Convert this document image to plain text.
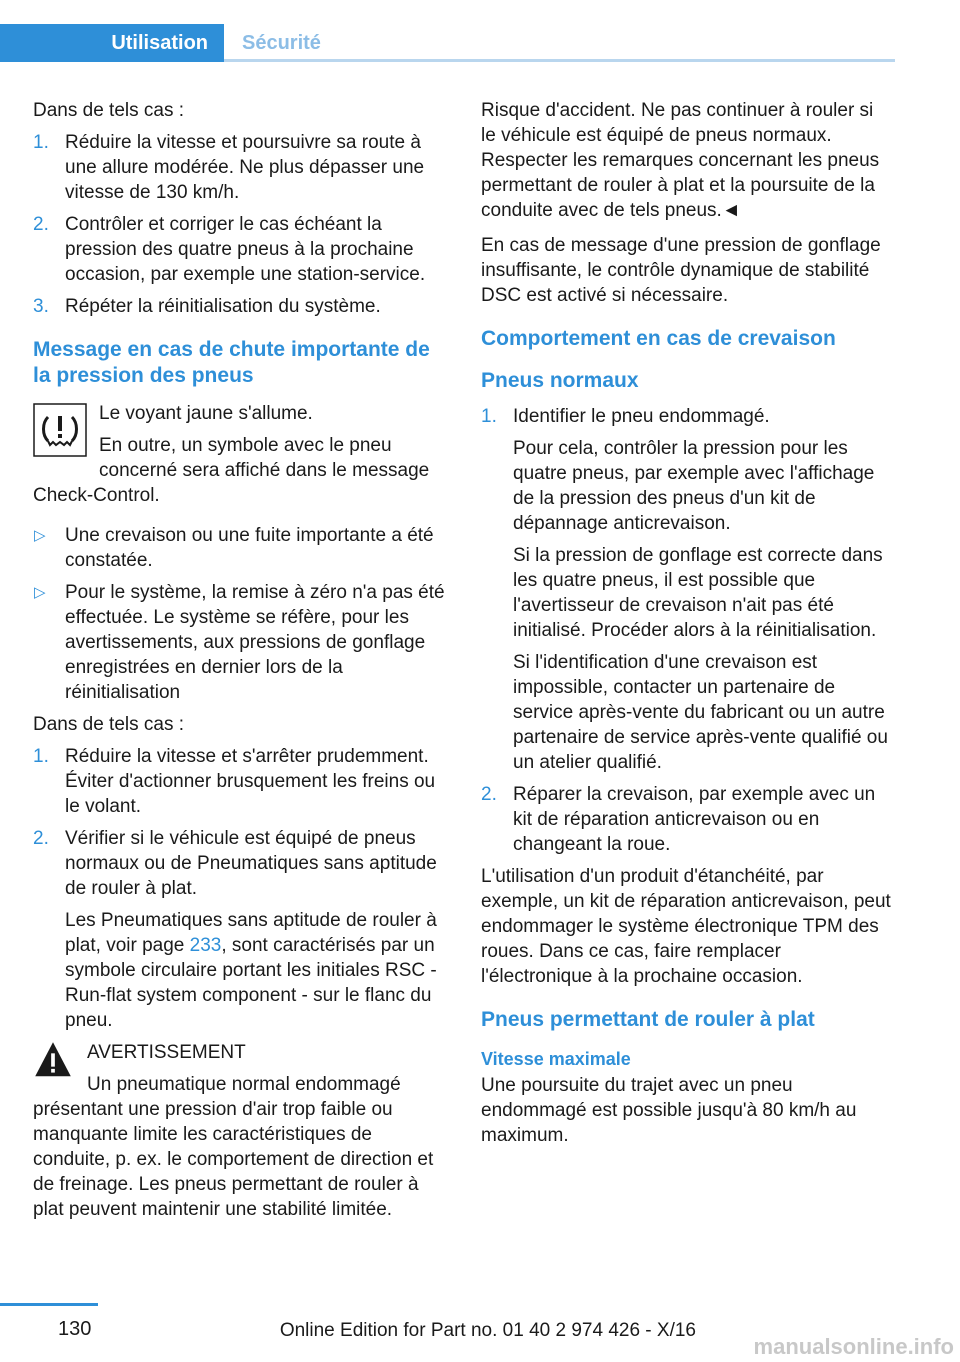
Utilisation	Sécurité

Dans de tels cas :

1. Réduire la vitesse et poursuivre sa route à une allure modérée. Ne plus dépasser une vitesse de 130 km/h.

2. Contrôler et corriger le cas échéant la pression des quatre pneus à la prochaine occasion, par exemple une station-service.

3. Répéter la réinitialisation du système.

Message en cas de chute importante de la pression des pneus

Le voyant jaune s'allume.

En outre, un symbole avec le pneu concerné sera affiché dans le message Check-Control.

▷ Une crevaison ou une fuite importante a été constatée.

▷ Pour le système, la remise à zéro n'a pas été effectuée. Le système se réfère, pour les avertissements, aux pressions de gonflage enregistrées en dernier lors de la réinitialisation

Dans de tels cas :

1. Réduire la vitesse et s'arrêter prudemment. Éviter d'actionner brusquement les freins ou le volant.

2. Vérifier si le véhicule est équipé de pneus normaux ou de Pneumatiques sans aptitude de rouler à plat.

Les Pneumatiques sans aptitude de rouler à plat, voir page 233, sont caractérisés par un symbole circulaire portant les initiales RSC - Run-flat system component - sur le flanc du pneu.

AVERTISSEMENT

Un pneumatique normal endommagé présentant une pression d'air trop faible ou manquante limite les caractéristiques de conduite, p. ex. le comportement de direction et de freinage. Les pneus permettant de rouler à plat peuvent maintenir une stabilité limitée.

Risque d'accident. Ne pas continuer à rouler si le véhicule est équipé de pneus normaux. Respecter les remarques concernant les pneus permettant de rouler à plat et la poursuite de la conduite avec de tels pneus.◄

En cas de message d'une pression de gonflage insuffisante, le contrôle dynamique de stabilité DSC est activé si nécessaire.

Comportement en cas de crevaison
Pneus normaux
1. Identifier le pneu endommagé.

Pour cela, contrôler la pression pour les quatre pneus, par exemple avec l'affichage de la pression des pneus d'un kit de dépannage anticrevaison.

Si la pression de gonflage est correcte dans les quatre pneus, il est possible que l'avertisseur de crevaison n'ait pas été initialisé. Procéder alors à la réinitialisation.

Si l'identification d'une crevaison est impossible, contacter un partenaire de service après-vente du fabricant ou un autre partenaire de service après-vente qualifié ou un atelier qualifié.

2. Réparer la crevaison, par exemple avec un kit de réparation anticrevaison ou en changeant la roue.

L'utilisation d'un produit d'étanchéité, par exemple, un kit de réparation anticrevaison, peut endommager le système électronique TPM des roues. Dans ce cas, faire remplacer l'électronique à la prochaine occasion.

Pneus permettant de rouler à plat
Vitesse maximale

Une poursuite du trajet avec un pneu endommagé est possible jusqu'à 80 km/h au maximum.

130	Online Edition for Part no. 01 40 2 974 426 - X/16
manualsonline.info
